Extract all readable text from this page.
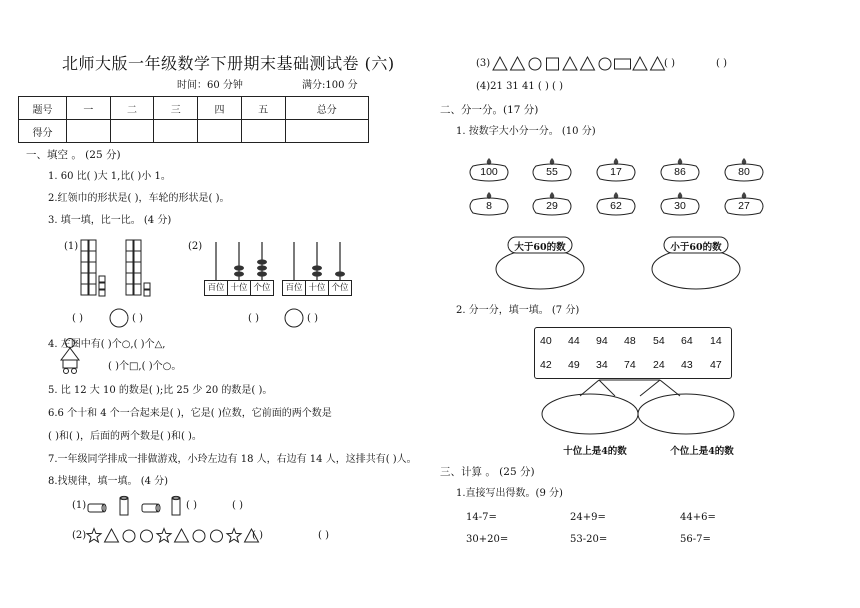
北师大版一年级数学下册期末基础测试卷 (六)
时间：60 分钟	满分:100 分
题号	一	二	三	四	五	总分
得分						
一、填空 。 (25 分)
1. 60 比( )大 1,比( )小 1。
2.红领巾的形状是( )，车轮的形状是( )。
3. 填一填，比一比。 (4 分)
(1)	(2)
百位 十位 个位 百位 十位 个位
( )	( )	( )	( )
4. 左图中有( )个○,( )个△,
( )个□,( )个○。
5. 比 12 大 10 的数是( );比 25 少 20 的数是( )。
6.6 个十和 4 个一合起来是( )，它是( )位数，它前面的两个数是
( )和( )，后面的两个数是( )和( )。
7.一年级同学排成一排做游戏，小玲左边有 18 人，右边有 14 人，这排共有( )人。
8.找规律，填一填。 (4 分)
(1)	( )	( )
(2)	( )	( )
(3)	( )	( )
(4)21 31 41 ( ) ( )
二、分一分。(17 分)
1. 按数字大小分一分。 (10 分)
100	55	17	86	80
8	29	62	30	27
大于60的数	小于60的数
2. 分一分，填一填。 (7 分)
40 44 94 48 54 64 14
42 49 34 74 24 43 47
十位上是4的数	个位上是4的数
三、计算 。 (25 分)
1.直接写出得数。(9 分)
14-7=	24+9=	44+6=
30+20=	53-20=	56-7=
